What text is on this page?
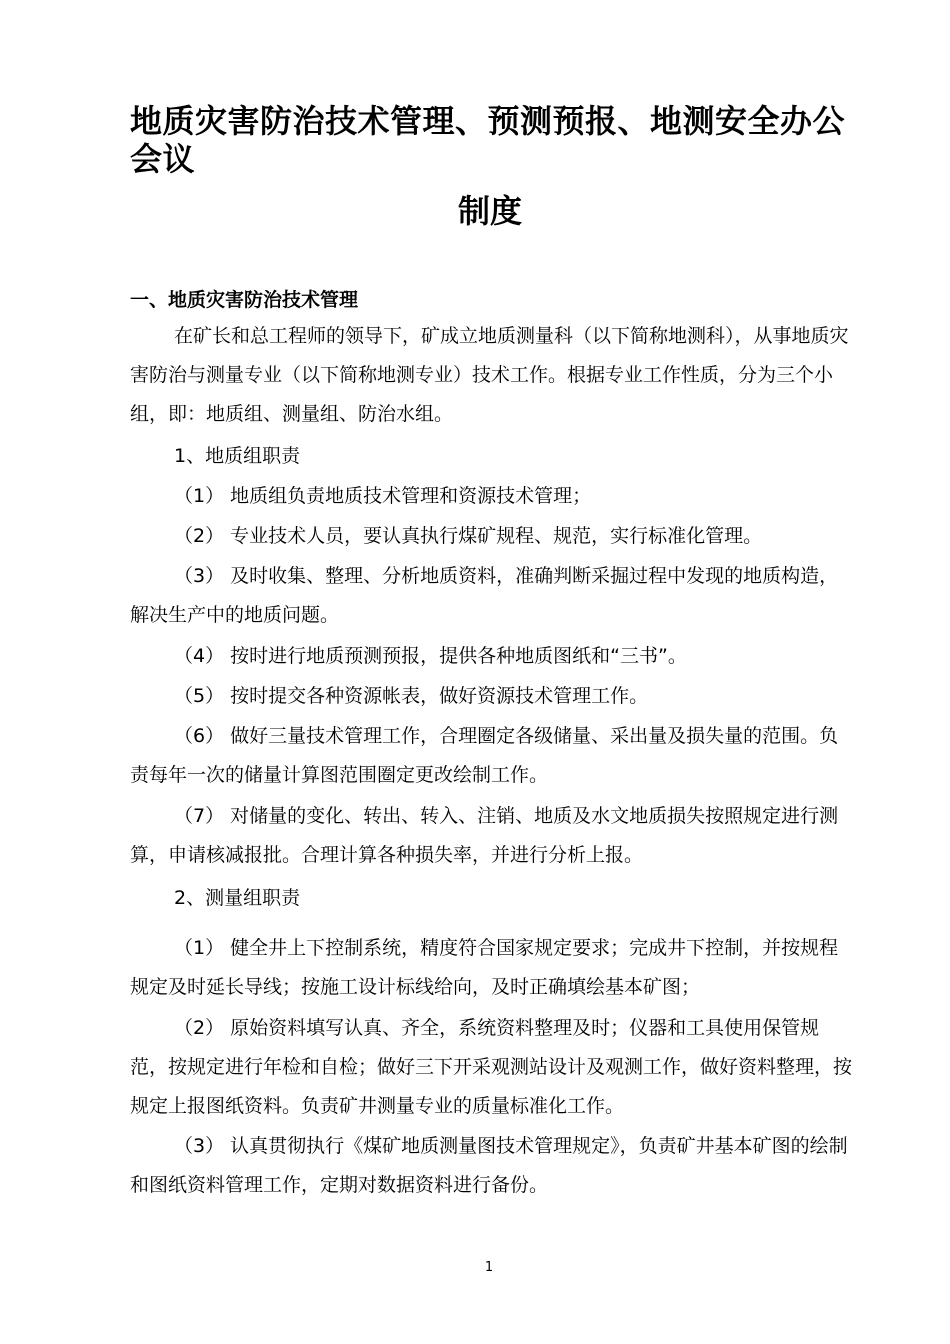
地质灾害防治技术管理、预测预报、地测安全办公会议
制度
一、地质灾害防治技术管理

在矿长和总工程师的领导下，矿成立地质测量科（以下简称地测科），从事地质灾害防治与测量专业（以下简称地测专业）技术工作。根据专业工作性质，分为三个小组，即：地质组、测量组、防治水组。

1、地质组职责

（1） 地质组负责地质技术管理和资源技术管理；

（2） 专业技术人员，要认真执行煤矿规程、规范，实行标准化管理。

（3） 及时收集、整理、分析地质资料，准确判断采掘过程中发现的地质构造，解决生产中的地质问题。

（4） 按时进行地质预测预报，提供各种地质图纸和“三书”。

（5） 按时提交各种资源帐表，做好资源技术管理工作。

（6） 做好三量技术管理工作，合理圈定各级储量、采出量及损失量的范围。负责每年一次的储量计算图范围圈定更改绘制工作。

（7） 对储量的变化、转出、转入、注销、地质及水文地质损失按照规定进行测算，申请核减报批。合理计算各种损失率，并进行分析上报。

2、测量组职责

（1） 健全井上下控制系统，精度符合国家规定要求；完成井下控制，并按规程规定及时延长导线；按施工设计标线给向，及时正确填绘基本矿图；

（2） 原始资料填写认真、齐全，系统资料整理及时；仪器和工具使用保管规范，按规定进行年检和自检；做好三下开采观测站设计及观测工作，做好资料整理，按规定上报图纸资料。负责矿井测量专业的质量标准化工作。

（3） 认真贯彻执行《煤矿地质测量图技术管理规定》，负责矿井基本矿图的绘制和图纸资料管理工作，定期对数据资料进行备份。

1
